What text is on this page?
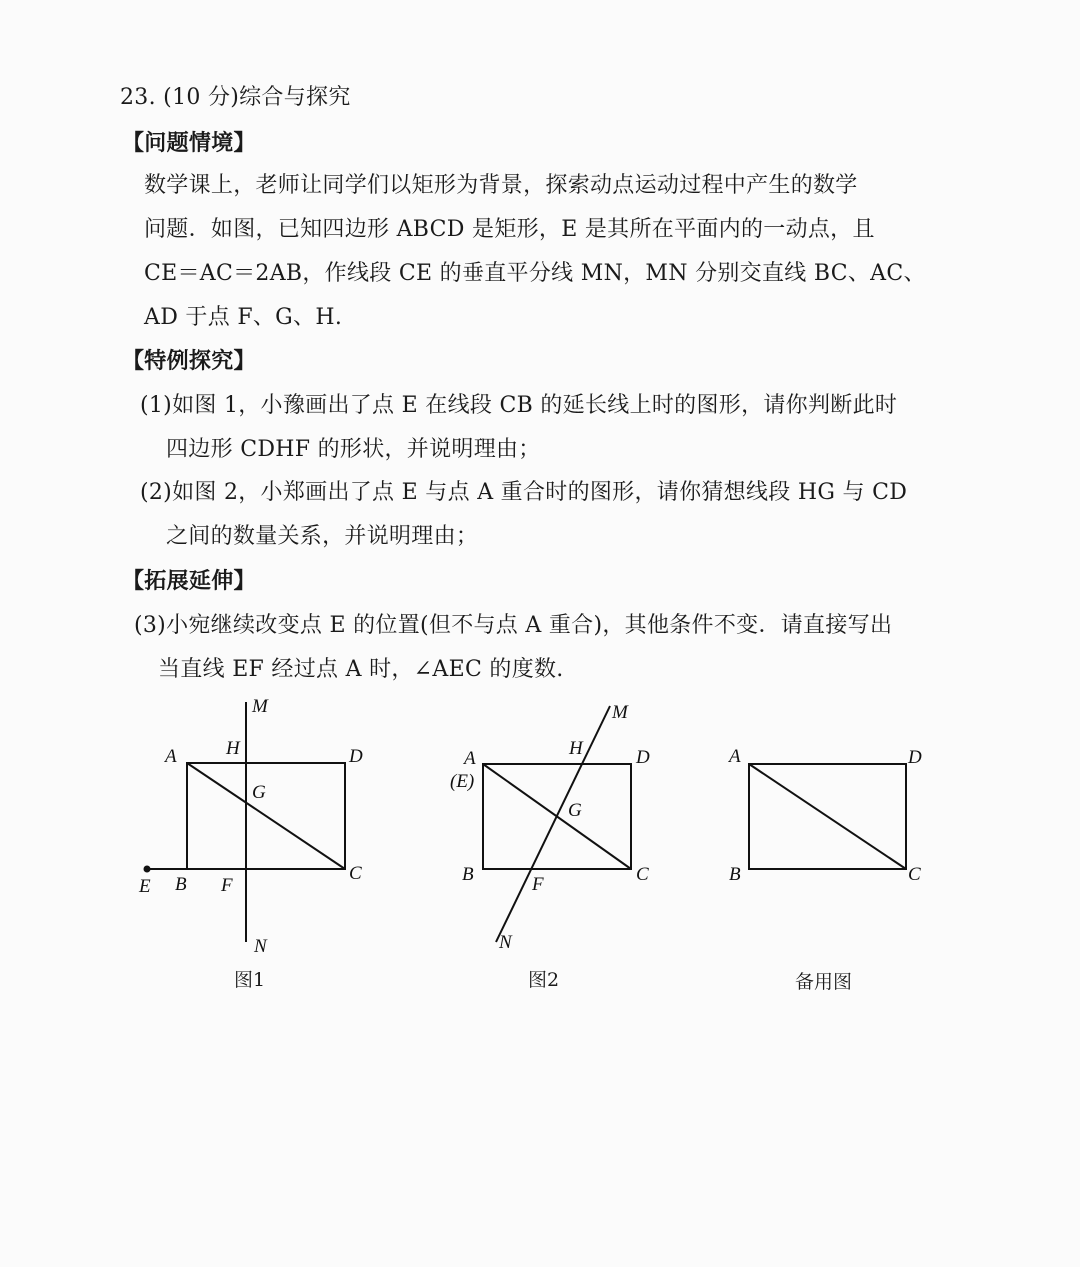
23. (10 分)综合与探究
【问题情境】
数学课上，老师让同学们以矩形为背景，探索动点运动过程中产生的数学
问题．如图，已知四边形 ABCD 是矩形，E 是其所在平面内的一动点，且
CE＝AC＝2AB，作线段 CE 的垂直平分线 MN，MN 分别交直线 BC、AC、
AD 于点 F、G、H.
【特例探究】
(1)如图 1，小豫画出了点 E 在线段 CB 的延长线上时的图形，请你判断此时
四边形 CDHF 的形状，并说明理由；
(2)如图 2，小郑画出了点 E 与点 A 重合时的图形，请你猜想线段 HG 与 CD
之间的数量关系，并说明理由；
【拓展延伸】
(3)小宛继续改变点 E 的位置(但不与点 A 重合)，其他条件不变．请直接写出
当直线 EF 经过点 A 时，∠AEC 的度数.
M
H
A	D
G
E B F
C
N
图1
M
H
A
(E)
D
G
B	F	C
N
图2
A	D
B	C
备用图
